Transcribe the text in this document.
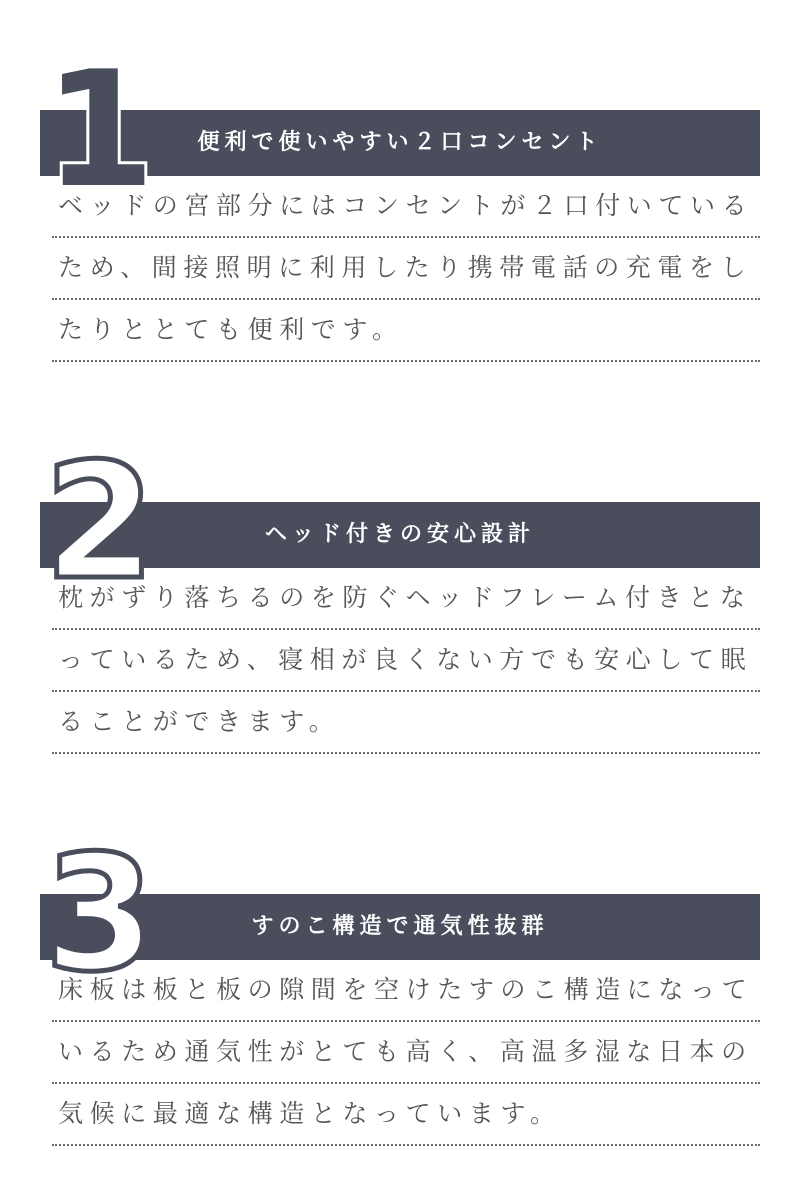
1	便利で使いやすい２口コンセント
ベッドの宮部分にはコンセントが２口付いている
ため、間接照明に利用したり携帯電話の充電をし
たりとと​ても便利です。
2	ヘッド付きの安心設計
枕がずり落ちるのを防ぐヘッドフレーム付きとな
っているため、寝相が良くない方でも安心して眠
ることができます。
3	すのこ構造で通気性抜群
床板は板と板の隙間を空けたすのこ構造になって
いるため通気性がとても高く、高温多湿な日本の
気候に最適な構造となっています。
